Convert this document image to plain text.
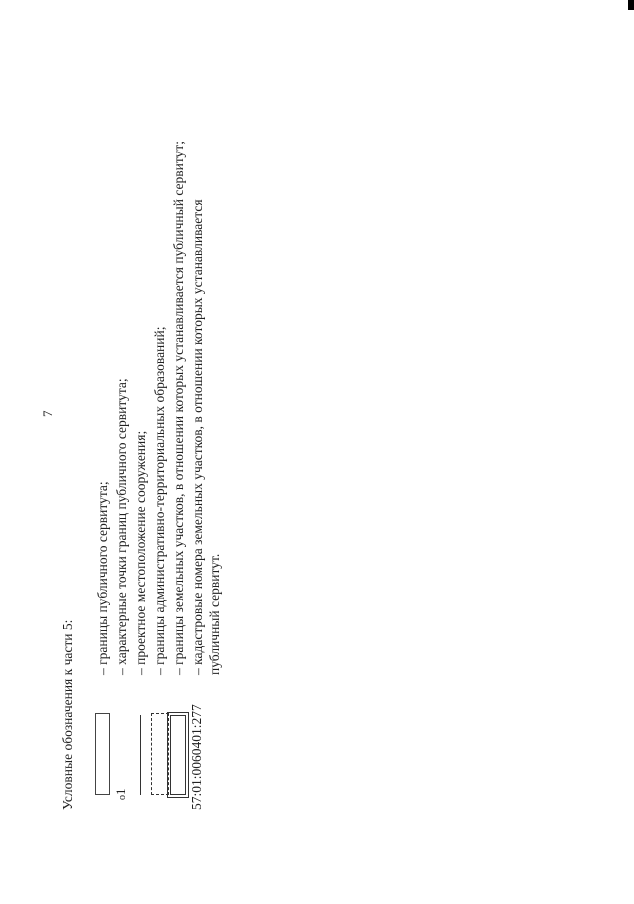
7
Условные обозначения к части 5:
– границы публичного сервитута;
o1
– характерные точки границ публичного сервитута; – проектное местоположение сооружения; – границы административно-территориальных образований; – границы земельных участков, в отношении которых устанавливается публичный сервитут;
57:01:0060401:277
– кадастровые номера земельных участков, в отношении которых устанавливается публичный сервитут.
